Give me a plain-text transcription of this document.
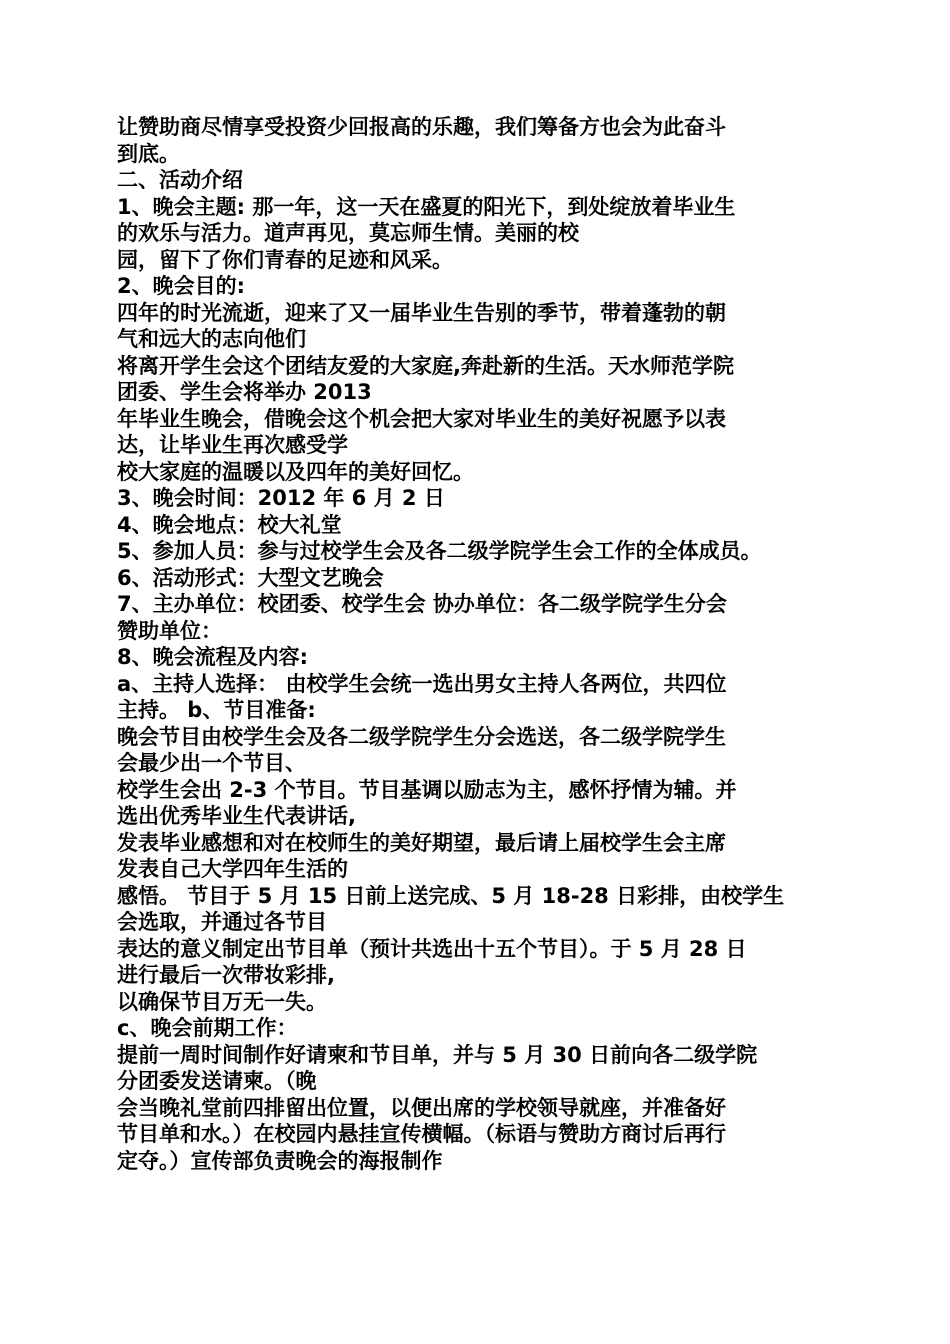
让赞助商尽情享受投资少回报高的乐趣，我们筹备方也会为此奋斗
到底。
二、活动介绍
1、晚会主题: 那一年，这一天在盛夏的阳光下，到处绽放着毕业生
的欢乐与活力。道声再见，莫忘师生情。美丽的校
园，留下了你们青春的足迹和风采。
2、晚会目的:
四年的时光流逝，迎来了又一届毕业生告别的季节，带着蓬勃的朝
气和远大的志向他们
将离开学生会这个团结友爱的大家庭,奔赴新的生活。天水师范学院
团委、学生会将举办 2013
年毕业生晚会，借晚会这个机会把大家对毕业生的美好祝愿予以表
达，让毕业生再次感受学
校大家庭的温暖以及四年的美好回忆。
3、晚会时间：2012 年 6 月 2 日
4、晚会地点：校大礼堂
5、参加人员：参与过校学生会及各二级学院学生会工作的全体成员。
6、活动形式：大型文艺晚会
7、主办单位：校团委、校学生会 协办单位：各二级学院学生分会
赞助单位：
8、晚会流程及内容:
a、主持人选择： 由校学生会统一选出男女主持人各两位，共四位
主持。 b、节目准备:
晚会节目由校学生会及各二级学院学生分会选送，各二级学院学生
会最少出一个节目、
校学生会出 2-3 个节目。节目基调以励志为主，感怀抒情为辅。并
选出优秀毕业生代表讲话,
发表毕业感想和对在校师生的美好期望，最后请上届校学生会主席
发表自己大学四年生活的
感悟。 节目于 5 月 15 日前上送完成、5 月 18-28 日彩排，由校学生
会选取，并通过各节目
表达的意义制定出节目单（预计共选出十五个节目）。于 5 月 28 日
进行最后一次带妆彩排,
以确保节目万无一失。
c、晚会前期工作：
提前一周时间制作好请柬和节目单，并与 5 月 30 日前向各二级学院
分团委发送请柬。（晚
会当晚礼堂前四排留出位置，以便出席的学校领导就座，并准备好
节目单和水。）在校园内悬挂宣传横幅。（标语与赞助方商讨后再行
定夺。）宣传部负责晚会的海报制作
